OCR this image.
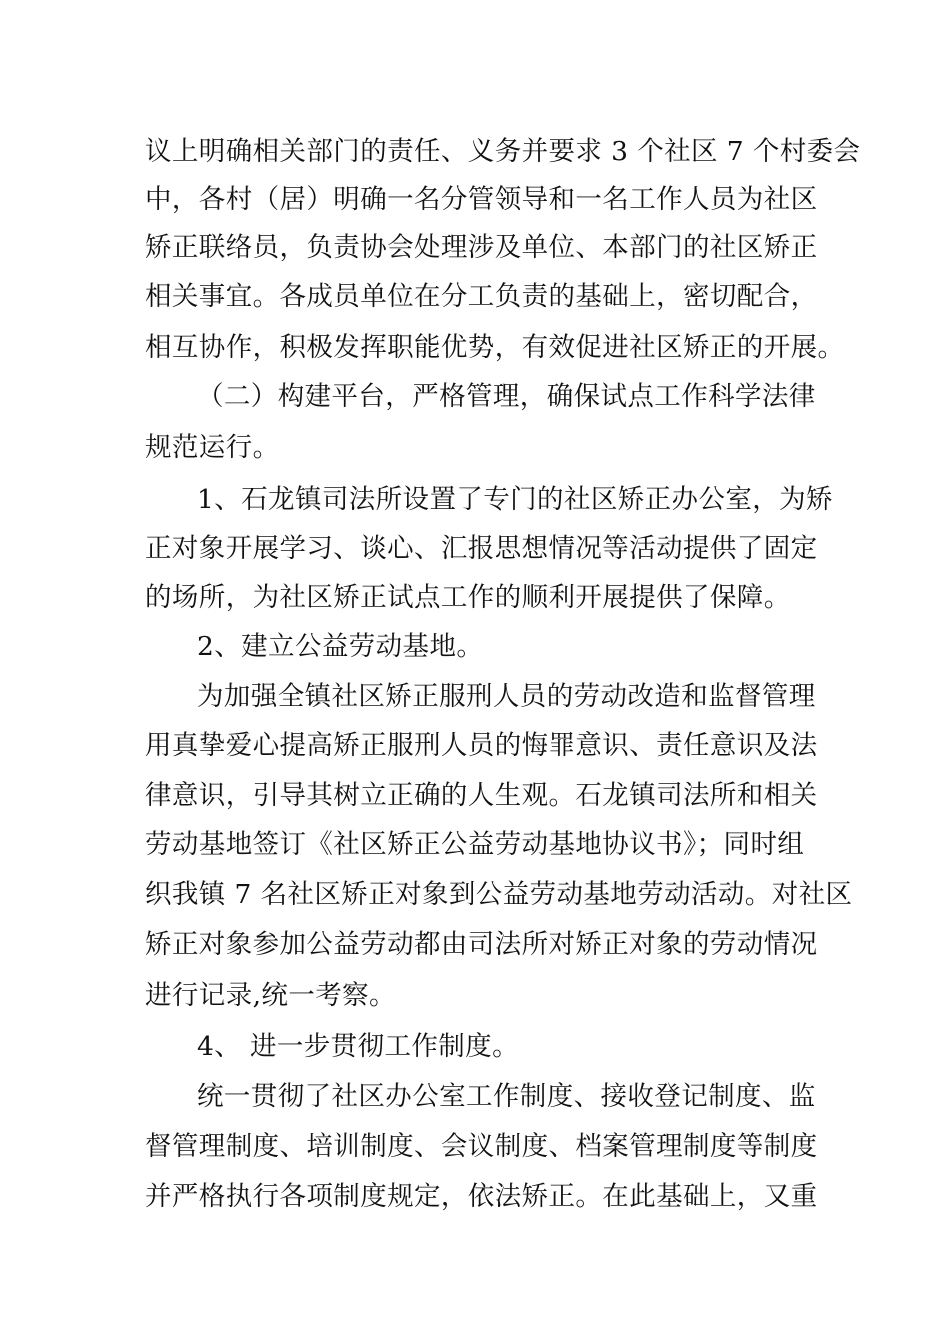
议上明确相关部门的责任、义务并要求 3 个社区 7 个村委会
中，各村（居）明确一名分管领导和一名工作人员为社区
矫正联络员，负责协会处理涉及单位、本部门的社区矫正
相关事宜。各成员单位在分工负责的基础上，密切配合，
相互协作，积极发挥职能优势，有效促进社区矫正的开展。
（二）构建平台，严格管理，确保试点工作科学法律
规范运行。
1、石龙镇司法所设置了专门的社区矫正办公室，为矫
正对象开展学习、谈心、汇报思想情况等活动提供了固定
的场所，为社区矫正试点工作的顺利开展提供了保障。
2、建立公益劳动基地。
为加强全镇社区矫正服刑人员的劳动改造和监督管理
用真挚爱心提高矫正服刑人员的悔罪意识、责任意识及法
律意识，引导其树立正确的人生观。石龙镇司法所和相关
劳动基地签订《社区矫正公益劳动基地协议书》；同时组
织我镇 7 名社区矫正对象到公益劳动基地劳动活动。对社区
矫正对象参加公益劳动都由司法所对矫正对象的劳动情况
进行记录,统一考察。
4、 进一步贯彻工作制度。
统一贯彻了社区办公室工作制度、接收登记制度、监
督管理制度、培训制度、会议制度、档案管理制度等制度
并严格执行各项制度规定，依法矫正。在此基础上，又重
